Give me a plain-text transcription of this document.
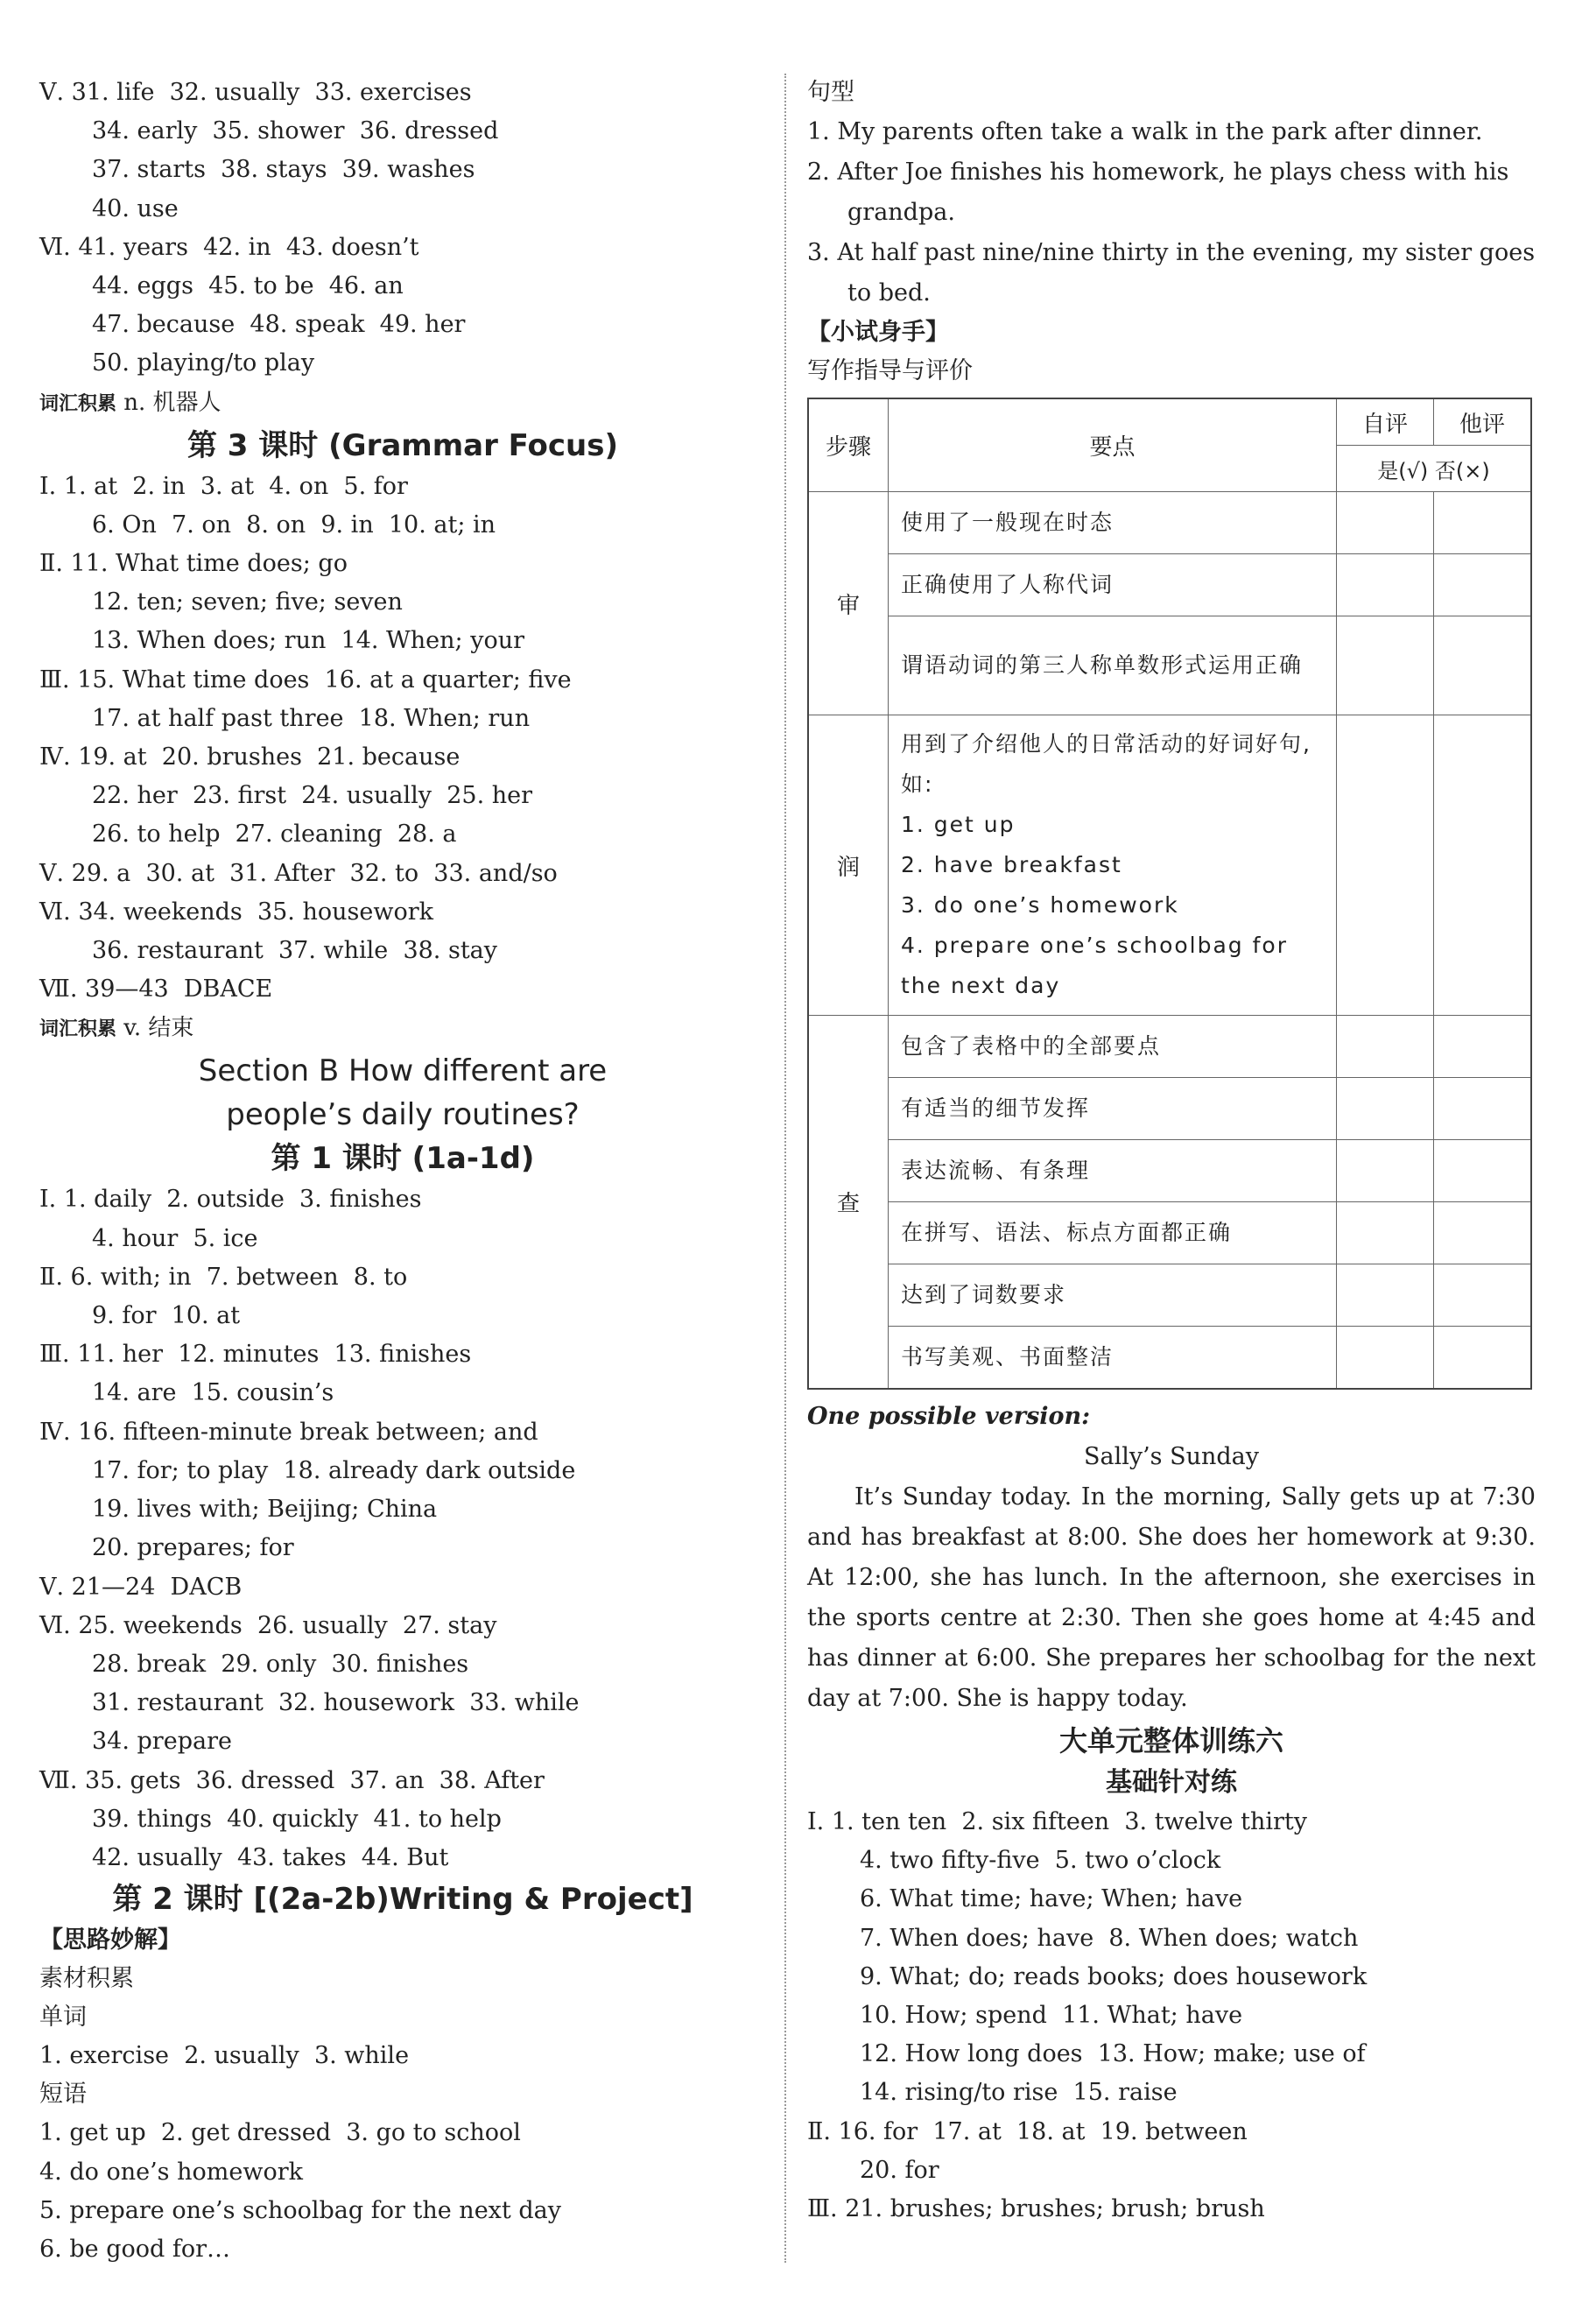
Ⅴ. 31. life  32. usually  33. exercises
34. early  35. shower  36. dressed
37. starts  38. stays  39. washes
40. use
Ⅵ. 41. years  42. in  43. doesn’t
44. eggs  45. to be  46. an
47. because  48. speak  49. her
50. playing/to play
词汇积累 n. 机器人
第 3 课时 (Grammar Focus)
Ⅰ. 1. at  2. in  3. at  4. on  5. for
6. On  7. on  8. on  9. in  10. at; in
Ⅱ. 11. What time does; go
12. ten; seven; five; seven
13. When does; run  14. When; your
Ⅲ. 15. What time does  16. at a quarter; five
17. at half past three  18. When; run
Ⅳ. 19. at  20. brushes  21. because
22. her  23. first  24. usually  25. her
26. to help  27. cleaning  28. a
Ⅴ. 29. a  30. at  31. After  32. to  33. and/so
Ⅵ. 34. weekends  35. housework
36. restaurant  37. while  38. stay
Ⅶ. 39—43  DBACE
词汇积累 v. 结束
Section B How different are
people’s daily routines?
第 1 课时 (1a-1d)
Ⅰ. 1. daily  2. outside  3. finishes
4. hour  5. ice
Ⅱ. 6. with; in  7. between  8. to
9. for  10. at
Ⅲ. 11. her  12. minutes  13. finishes
14. are  15. cousin’s
Ⅳ. 16. fifteen-minute break between; and
17. for; to play  18. already dark outside
19. lives with; Beijing; China
20. prepares; for
Ⅴ. 21—24  DACB
Ⅵ. 25. weekends  26. usually  27. stay
28. break  29. only  30. finishes
31. restaurant  32. housework  33. while
34. prepare
Ⅶ. 35. gets  36. dressed  37. an  38. After
39. things  40. quickly  41. to help
42. usually  43. takes  44. But
第 2 课时 [(2a-2b)Writing & Project]
【思路妙解】
素材积累
单词
1. exercise  2. usually  3. while
短语
1. get up  2. get dressed  3. go to school
4. do one’s homework
5. prepare one’s schoolbag for the next day
6. be good for…
句型
1. My parents often take a walk in the park after dinner.
2. After Joe finishes his homework, he plays chess with his grandpa.
3. At half past nine/nine thirty in the evening, my sister goes to bed.
【小试身手】
写作指导与评价
步骤	要点	自评	他评
		是(√) 否(×)	
审	使用了一般现在时态		
	正确使用了人称代词		
	谓语动词的第三人称单数形式运用正确		
润	用到了介绍他人的日常活动的好词好句,如:
1. get up
2. have breakfast
3. do one’s homework
4. prepare one’s schoolbag for the next day		
查	包含了表格中的全部要点		
	有适当的细节发挥		
	表达流畅、有条理		
	在拼写、语法、标点方面都正确		
	达到了词数要求		
	书写美观、书面整洁		
One possible version:
Sally’s Sunday

It’s Sunday today. In the morning, Sally gets up at 7:30 and has breakfast at 8:00. She does her homework at 9:30. At 12:00, she has lunch. In the afternoon, she exercises in the sports centre at 2:30. Then she goes home at 4:45 and has dinner at 6:00. She prepares her schoolbag for the next day at 7:00. She is happy today.

大单元整体训练六
基础针对练
Ⅰ. 1. ten ten  2. six fifteen  3. twelve thirty
4. two fifty-five  5. two o’clock
6. What time; have; When; have
7. When does; have  8. When does; watch
9. What; do; reads books; does housework
10. How; spend  11. What; have
12. How long does  13. How; make; use of
14. rising/to rise  15. raise
Ⅱ. 16. for  17. at  18. at  19. between
20. for
Ⅲ. 21. brushes; brushes; brush; brush
